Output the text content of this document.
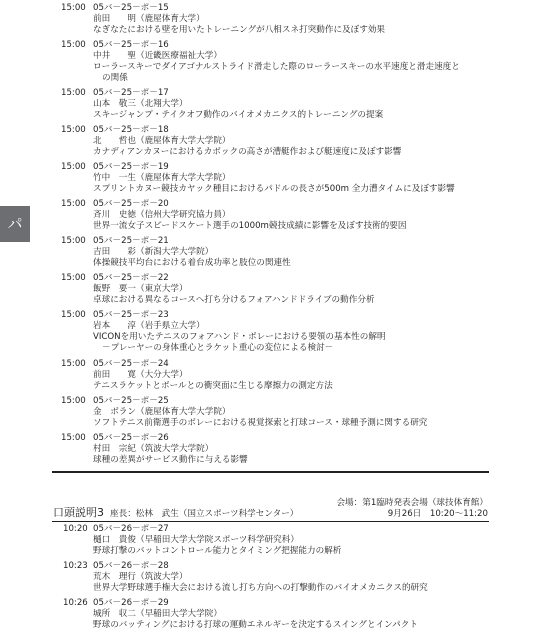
パ
15:00 05バ－25－ポ－15
前田　　明（鹿屋体育大学）
なぎなたにおける壁を用いたトレーニングが八相スネ打突動作に及ぼす効果
15:00 05バ－25－ポ－16
中井　　聖（近畿医療福祉大学）
ローラースキーでダイアゴナルストライド滑走した際のローラースキーの水平速度と滑走速度と
の関係
15:00 05バ－25－ポ－17
山本　敬三（北翔大学）
スキージャンプ・テイクオフ動作のバイオメカニクス的トレーニングの提案
15:00 05バ－25－ポ－18
北　　哲也（鹿屋体育大学大学院）
カナディアンカヌーにおけるカボックの高さが漕艇作および艇速度に及ぼす影響
15:00 05バ－25－ポ－19
竹中　一生（鹿屋体育大学大学院）
スプリントカヌー競技カヤック種目におけるパドルの長さが500m 全力漕タイムに及ぼす影響
15:00 05バ－25－ポ－20
斉川　史徳（信州大学研究協力員）
世界一流女子スピードスケート選手の1000m競技成績に影響を及ぼす技術的要因
15:00 05バ－25－ポ－21
吉田　　彩（新潟大学大学院）
体操競技平均台における着台成功率と肢位の関連性
15:00 05バ－25－ポ－22
飯野　要一（東京大学）
卓球における異なるコースへ打ち分けるフォアハンドドライブの動作分析
15:00 05バ－25－ポ－23
岩本　　淳（岩手県立大学）
VICONを用いたテニスのフォアハンド・ボレーにおける要領の基本性の解明
－プレーヤーの身体重心とラケット重心の変位による検討－
15:00 05バ－25－ポ－24
前田　　寛（大分大学）
テニスラケットとボールとの衝突面に生じる摩擦力の測定方法
15:00 05バ－25－ポ－25
金　ボラン（鹿屋体育大学大学院）
ソフトテニス前衛選手のボレーにおける視覚探索と打球コース・球種予測に関する研究
15:00 05バ－25－ポ－26
村田　宗紀（筑波大学大学院）
球種の差異がサービス動作に与える影響
会場：第1臨時発表会場（球技体育館）
口頭説明3 座長：松林　武生（国立スポーツ科学センター）	9月26日　10:20～11:20
10:20 05バ－26－ポ－27
樋口　貴俊（早稲田大学大学院スポーツ科学研究科）
野球打撃のバットコントロール能力とタイミング把握能力の解析
10:23 05バ－26－ポ－28
荒木　理行（筑波大学）
世界大学野球選手権大会における流し打ち方向への打撃動作のバイオメカニクス的研究
10:26 05バ－26－ポ－29
城所　収二（早稲田大学大学院）
野球のバッティングにおける打球の運動エネルギーを決定するスイングとインパクト
